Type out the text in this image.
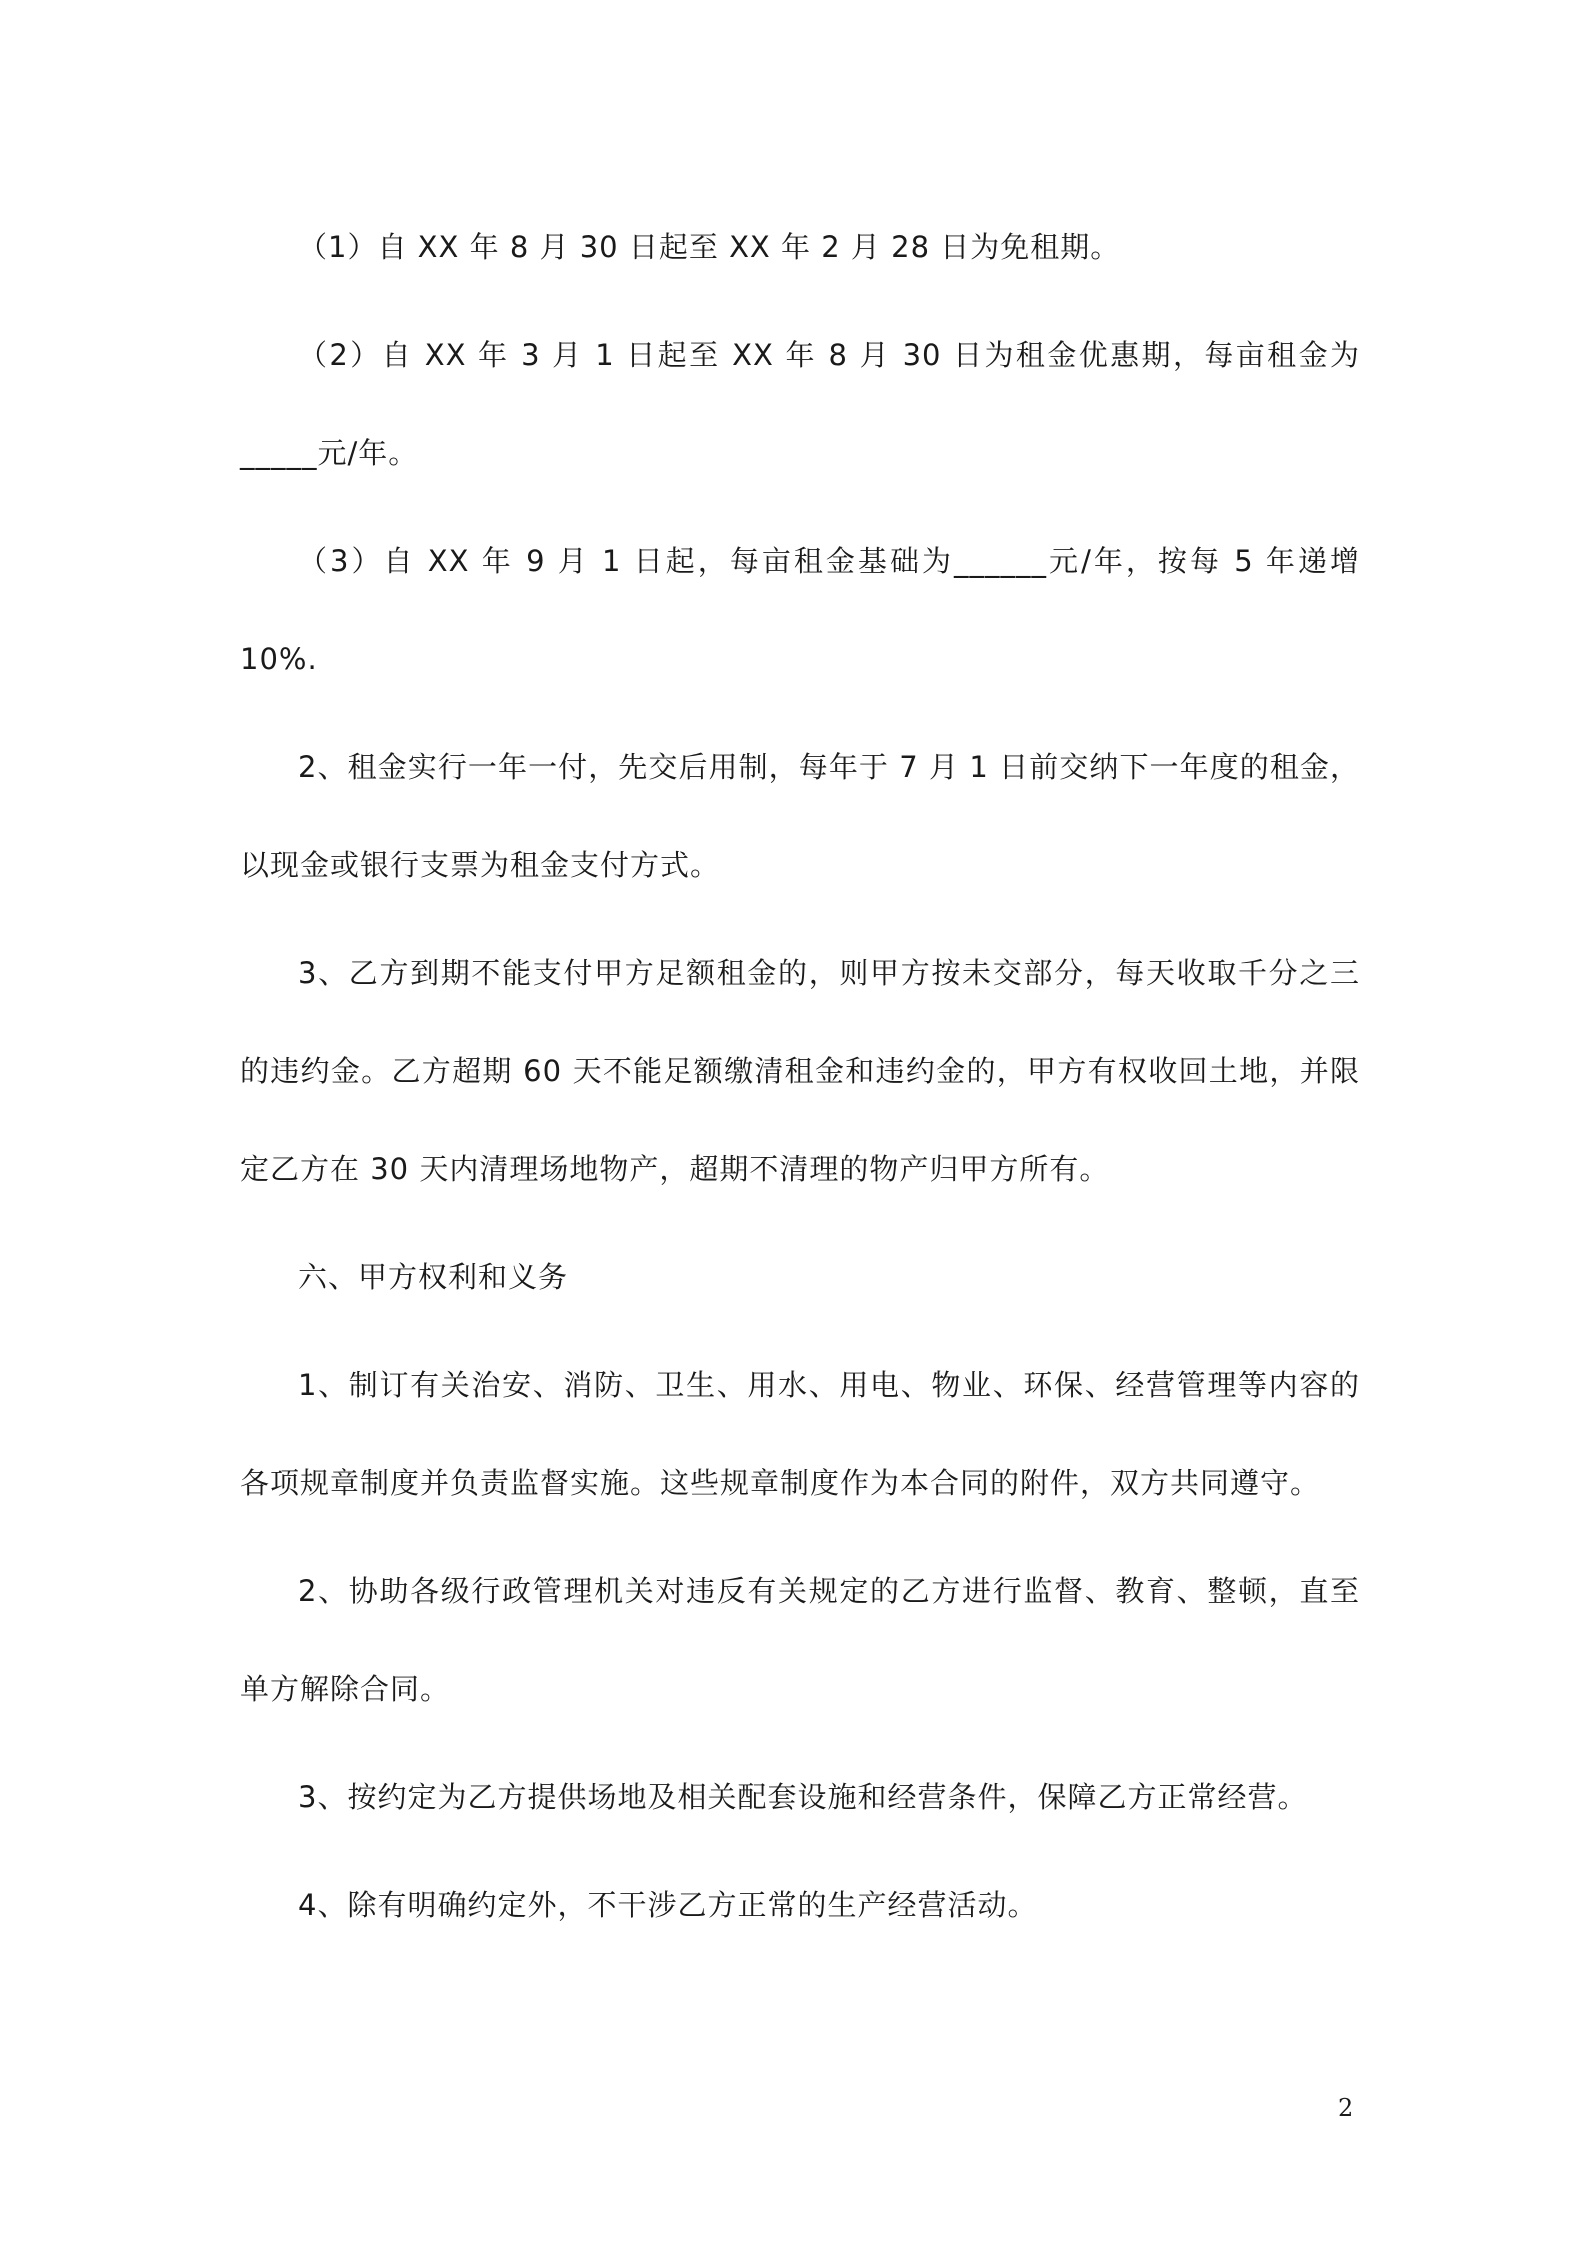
（1）自 XX 年 8 月 30 日起至 XX 年 2 月 28 日为免租期。

（2）自 XX 年 3 月 1 日起至 XX 年 8 月 30 日为租金优惠期，每亩租金为_____元/年。

（3）自 XX 年 9 月 1 日起，每亩租金基础为______元/年，按每 5 年递增 10%.

2、租金实行一年一付，先交后用制，每年于 7 月 1 日前交纳下一年度的租金，以现金或银行支票为租金支付方式。

3、乙方到期不能支付甲方足额租金的，则甲方按未交部分，每天收取千分之三的违约金。乙方超期 60 天不能足额缴清租金和违约金的，甲方有权收回土地，并限定乙方在 30 天内清理场地物产，超期不清理的物产归甲方所有。

六、甲方权利和义务

1、制订有关治安、消防、卫生、用水、用电、物业、环保、经营管理等内容的各项规章制度并负责监督实施。这些规章制度作为本合同的附件，双方共同遵守。

2、协助各级行政管理机关对违反有关规定的乙方进行监督、教育、整顿，直至单方解除合同。

3、按约定为乙方提供场地及相关配套设施和经营条件，保障乙方正常经营。

4、除有明确约定外，不干涉乙方正常的生产经营活动。

2
